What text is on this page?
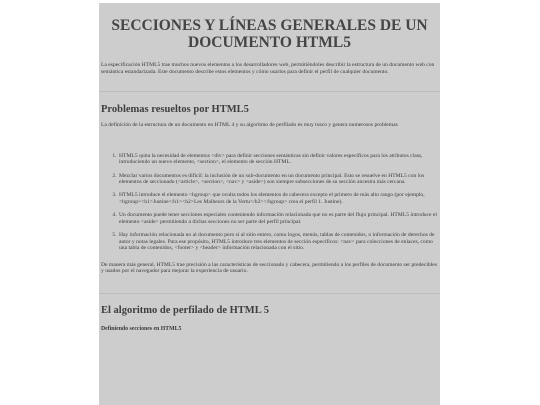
SECCIONES Y LÍNEAS GENERALES DE UN DOCUMENTO HTML5

La especificación HTML5 trae muchos nuevos elementos a los desarrolladores web, permitiéndoles describir la estructura de un documento web con semántica estandarizada. Este documento describe estos elementos y cómo usarlos para definir el perfil de cualquier documento.

Problemas resueltos por HTML5

La definición de la estructura de un documento en HTML 4 y su algoritmo de perfilado es muy tosco y genera numerosos problemas

1. HTML5 quita la necesidad de elementos <div> para definir secciones semánticas sin definir valores específicos para los atributos class, introduciendo un nuevo elemento, <section>, el elemento de sección HTML.
2. Mezclar varios documentos es difícil: la inclusión de un sub-documento en un documento principal. Esto se resuelve en HTML5 con los elementos de seccionado (<article>, <section>, <nav> y <aside>) son siempre subsecciones de su sección ancestra más cercana.
3. HTML5 introduce el elemento <hgroup> que oculta todos los elementos de cabecera excepto el primero de más alto rango (por ejemplo, <hgroup><h1>Justine</h1><h2>Les Malheurs de la Vertu</h2></hgroup> crea el perfil 1. Justine).
4. Un documento puede tener secciones especiales conteniendo información relacionada que no es parte del flujo principal. HTML5 introduce el elemento <aside> permitiendo a dichas secciones no ser parte del perfil principal.
5. Hay información relacionada no al documento pero sí al sitio entero, como logos, menús, tablas de contenidos, o información de derechos de autor y notas legales. Para ese propósito, HTML5 introduce tres elementos de sección específicos: <nav> para colecciones de enlaces, como una tabla de contenidos, <footer> y <header> información relacionada con el sitio.

De manera más general, HTML5 trae precisión a las características de seccionado y cabecera, permitiendo a los perfiles de documento ser predecibles y usados por el navegador para mejorar la experiencia de usuario.

El algoritmo de perfilado de HTML 5
Definiendo secciones en HTML5
